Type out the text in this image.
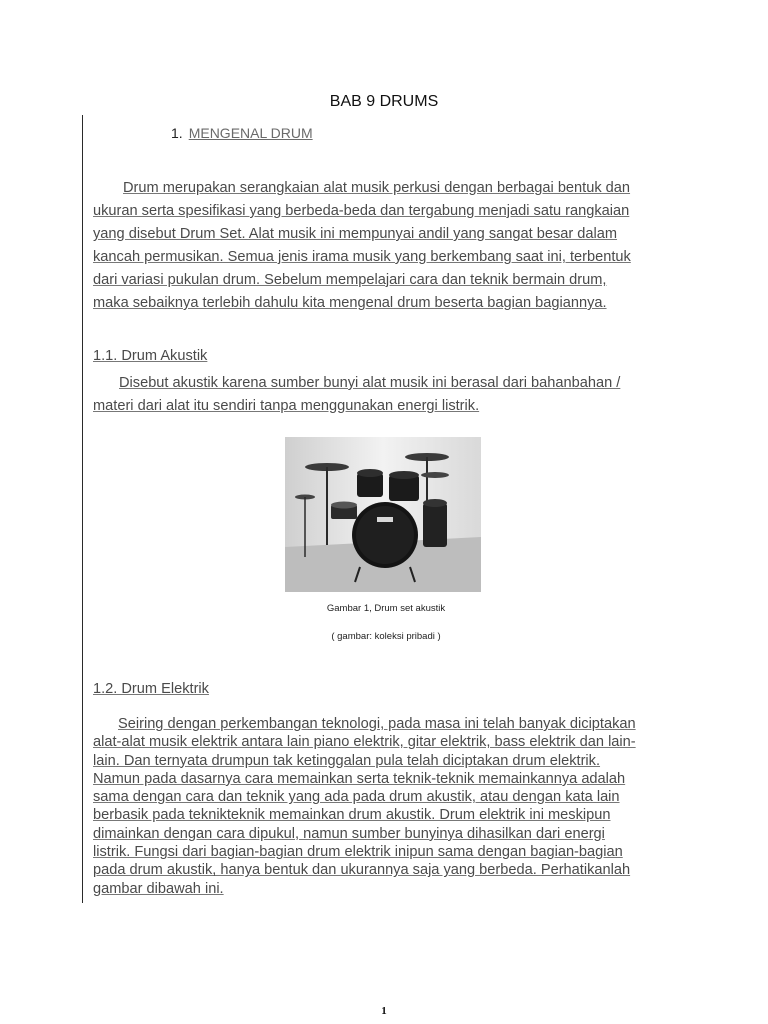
BAB 9 DRUMS
1. MENGENAL DRUM
Drum merupakan serangkaian alat musik perkusi dengan berbagai bentuk dan
ukuran serta spesifikasi yang berbeda-beda dan tergabung menjadi satu rangkaian
yang disebut Drum Set. Alat musik ini mempunyai andil yang sangat besar dalam
kancah permusikan. Semua jenis irama musik yang berkembang saat ini, terbentuk
dari variasi pukulan drum. Sebelum mempelajari cara dan teknik bermain drum,
maka sebaiknya terlebih dahulu kita mengenal drum beserta bagian bagiannya.
1.1. Drum Akustik
Disebut akustik karena sumber bunyi alat musik ini berasal dari bahanbahan /
materi dari alat itu sendiri tanpa menggunakan energi listrik.
Gambar 1, Drum set akustik
( gambar: koleksi pribadi )
1.2. Drum Elektrik
Seiring dengan perkembangan teknologi, pada masa ini telah banyak diciptakan
alat-alat musik elektrik antara lain piano elektrik, gitar elektrik, bass elektrik dan lain-
lain. Dan ternyata drumpun tak ketinggalan pula telah diciptakan drum elektrik.
Namun pada dasarnya cara memainkan serta teknik-teknik memainkannya adalah
sama dengan cara dan teknik yang ada pada drum akustik, atau dengan kata lain
berbasik pada teknikteknik memainkan drum akustik. Drum elektrik ini meskipun
dimainkan dengan cara dipukul, namun sumber bunyinya dihasilkan dari energi
listrik. Fungsi dari bagian-bagian drum elektrik inipun sama dengan bagian-bagian
pada drum akustik, hanya bentuk dan ukurannya saja yang berbeda. Perhatikanlah
gambar dibawah ini.
1
